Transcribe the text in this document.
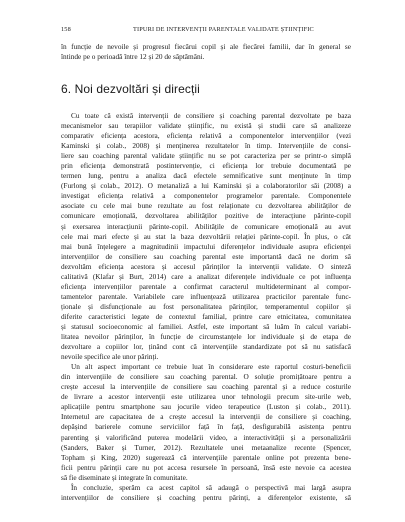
158	TIPURI DE INTERVENȚII PARENTALE VALIDATE ȘTIINȚIFIC
în funcție de nevoile și progresul fiecărui copil și ale fiecărei familii, dar în general se
întinde pe o perioadă între 12 și 20 de săptămâni.
6. Noi dezvoltări și direcții
Cu toate că există intervenții de consiliere și coaching parental dezvoltate pe baza
mecanismelor sau terapiilor validate științific, nu există și studii care să analizeze
comparativ eficiența acestora, eficiența relativă a componentelor intervențiilor (vezi
Kaminski și colab., 2008) și menținerea rezultatelor în timp. Intervențiile de consi-
liere sau coaching parental validate științific nu se pot caracteriza per se printr-o simplă
prin eficiența demonstrată postintervenție, ci eficiența lor trebuie documentată pe
termen lung, pentru a analiza dacă efectele semnificative sunt menținute în timp
(Furlong și colab., 2012). O metanaliză a lui Kaminski și a colaboratorilor săi (2008) a
investigat eficiența relativă a componentelor programelor parentale. Componentele
asociate cu cele mai bune rezultate au fost relaționate cu dezvoltarea abilităților de
comunicare emoțională, dezvoltarea abilităților pozitive de interacțiune părinte-copil
și exersarea interacțiunii părinte-copil. Abilitățile de comunicare emoțională au avut
cele mai mari efecte și au stat la baza dezvoltării relației părinte-copil. În plus, o cât
mai bună înțelegere a magnitudinii impactului diferențelor individuale asupra eficienței
intervențiilor de consiliere sau coaching parental este importantă dacă ne dorim să
dezvoltăm eficiența acestora și accesul părinților la intervenții validate. O sinteză
calitativă (Klafar și Burt, 2014) care a analizat diferențele individuale ce pot influența
eficiența intervențiilor parentale a confirmat caracterul multideterminant al compor-
tamentelor parentale. Variabilele care influențează utilizarea practicilor parentale func-
ționale și disfuncționale au fost personalitatea părinților, temperamentul copiilor și
diferite caracteristici legate de contextul familial, printre care etnicitatea, comunitatea
și statusul socioeconomic al familiei. Astfel, este important să luăm în calcul variabi-
litatea nevoilor părinților, în funcție de circumstanțele lor individuale și de etapa de
dezvoltare a copiilor lor, ținând cont că intervențiile standardizate pot să nu satisfacă
nevoile specifice ale unor părinți.
Un alt aspect important ce trebuie luat în considerare este raportul costuri-beneficii
din intervențiile de consiliere sau coaching parental. O soluție promițătoare pentru a
crește accesul la intervențiile de consiliere sau coaching parental și a reduce costurile
de livrare a acestor intervenții este utilizarea unor tehnologii precum site-urile web,
aplicațiile pentru smartphone sau jocurile video terapeutice (Luston și colab., 2011).
Internetul are capacitatea de a crește accesul la intervenții de consiliere și coaching,
depășind barierele comune serviciilor față în față, desfigurabilă asistența pentru
parenting și valorificând puterea modelării video, a interactivității și a personalizării
(Sanders, Baker și Turner, 2012). Rezultatele unei metaanalize recente (Spencer,
Topham și King, 2020) sugerează că intervențiile parentale online pot prezenta bene-
ficii pentru părinții care nu pot accesa resursele în persoană, însă este nevoie ca acestea
să fie diseminate și integrate în comunitate.
În concluzie, sperăm ca acest capitol să adaugă o perspectivă mai largă asupra
intervențiilor de consiliere și coaching pentru părinți, a diferențelor existente, să
